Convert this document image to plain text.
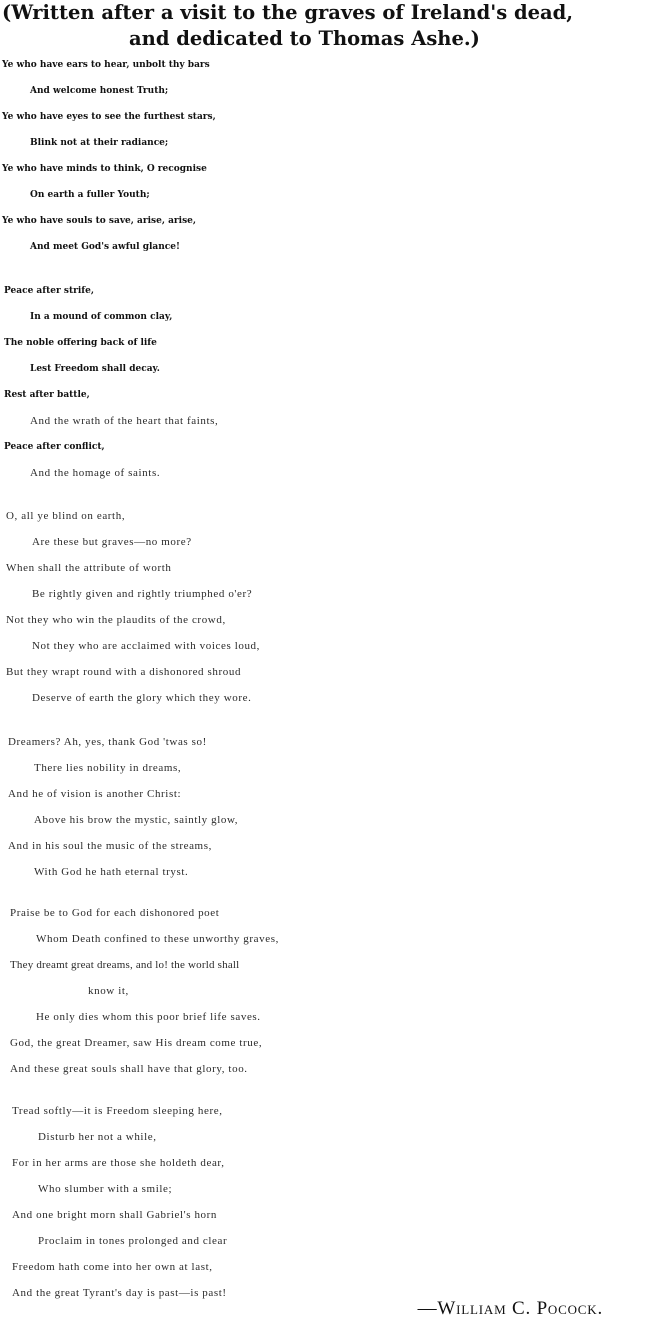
(Written after a visit to the graves of Ireland's dead,
and dedicated to Thomas Ashe.)
Ye who have ears to hear, unbolt thy bars
And welcome honest Truth;
Ye who have eyes to see the furthest stars,
Blink not at their radiance;
Ye who have minds to think, O recognise
On earth a fuller Youth;
Ye who have souls to save, arise, arise,
And meet God's awful glance!
Peace after strife,
In a mound of common clay,
The noble offering back of life
Lest Freedom shall decay.
Rest after battle,
And the wrath of the heart that faints,
Peace after conflict,
And the homage of saints.
O, all ye blind on earth,
Are these but graves—no more?
When shall the attribute of worth
Be rightly given and rightly triumphed o'er?
Not they who win the plaudits of the crowd,
Not they who are acclaimed with voices loud,
But they wrapt round with a dishonored shroud
Deserve of earth the glory which they wore.
Dreamers? Ah, yes, thank God 'twas so!
There lies nobility in dreams,
And he of vision is another Christ:
Above his brow the mystic, saintly glow,
And in his soul the music of the streams,
With God he hath eternal tryst.
Praise be to God for each dishonored poet
Whom Death confined to these unworthy graves,
They dreamt great dreams, and lo! the world shall
know it,
He only dies whom this poor brief life saves.
God, the great Dreamer, saw His dream come true,
And these great souls shall have that glory, too.
Tread softly—it is Freedom sleeping here,
Disturb her not a while,
For in her arms are those she holdeth dear,
Who slumber with a smile;
And one bright morn shall Gabriel's horn
Proclaim in tones prolonged and clear
Freedom hath come into her own at last,
And the great Tyrant's day is past—is past!
—William C. Pocock.
